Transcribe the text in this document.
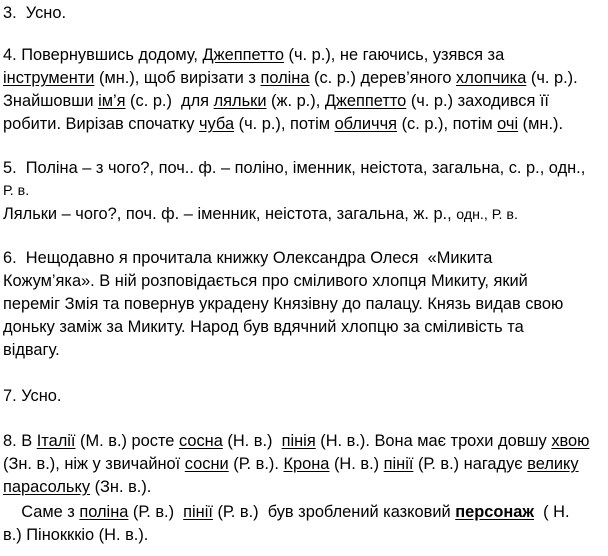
3.  Усно.
4. Повернувшись додому, Джеппетто (ч. р.), не гаючись, узявся за
інструменти (мн.), щоб вирізати з поліна (с. р.) дерев’яного хлопчика (ч. р.).
Знайшовши ім’я (с. р.)  для ляльки (ж. р.), Джеппетто (ч. р.) заходився її
робити. Вирізав спочатку чуба (ч. р.), потім обличчя (с. р.), потім очі (мн.).
5.  Поліна – з чого?, поч.. ф. – поліно, іменник, неістота, загальна, с. р., одн.,
Р. в.
Ляльки – чого?, поч. ф. – іменник, неістота, загальна, ж. р., одн., Р. в.
6.  Нещодавно я прочитала книжку Олександра Олеся  «Микита
Кожум’яка». В ній розповідається про сміливого хлопця Микиту, який
переміг Змія та повернув украдену Князівну до палацу. Князь видав свою
доньку заміж за Микиту. Народ був вдячний хлопцю за сміливість та
відвагу.
7. Усно.
8. В Італії (М. в.) росте сосна (Н. в.)  пінія (Н. в.). Вона має трохи довшу хвою
(Зн. в.), ніж у звичайної сосни (Р. в.). Крона (Н. в.) пінії (Р. в.) нагадує велику
парасольку (Зн. в.).
Саме з поліна (Р. в.)  пінії (Р. в.)  був зроблений казковий персонаж  ( Н.
в.) Пінокккіо (Н. в.).
